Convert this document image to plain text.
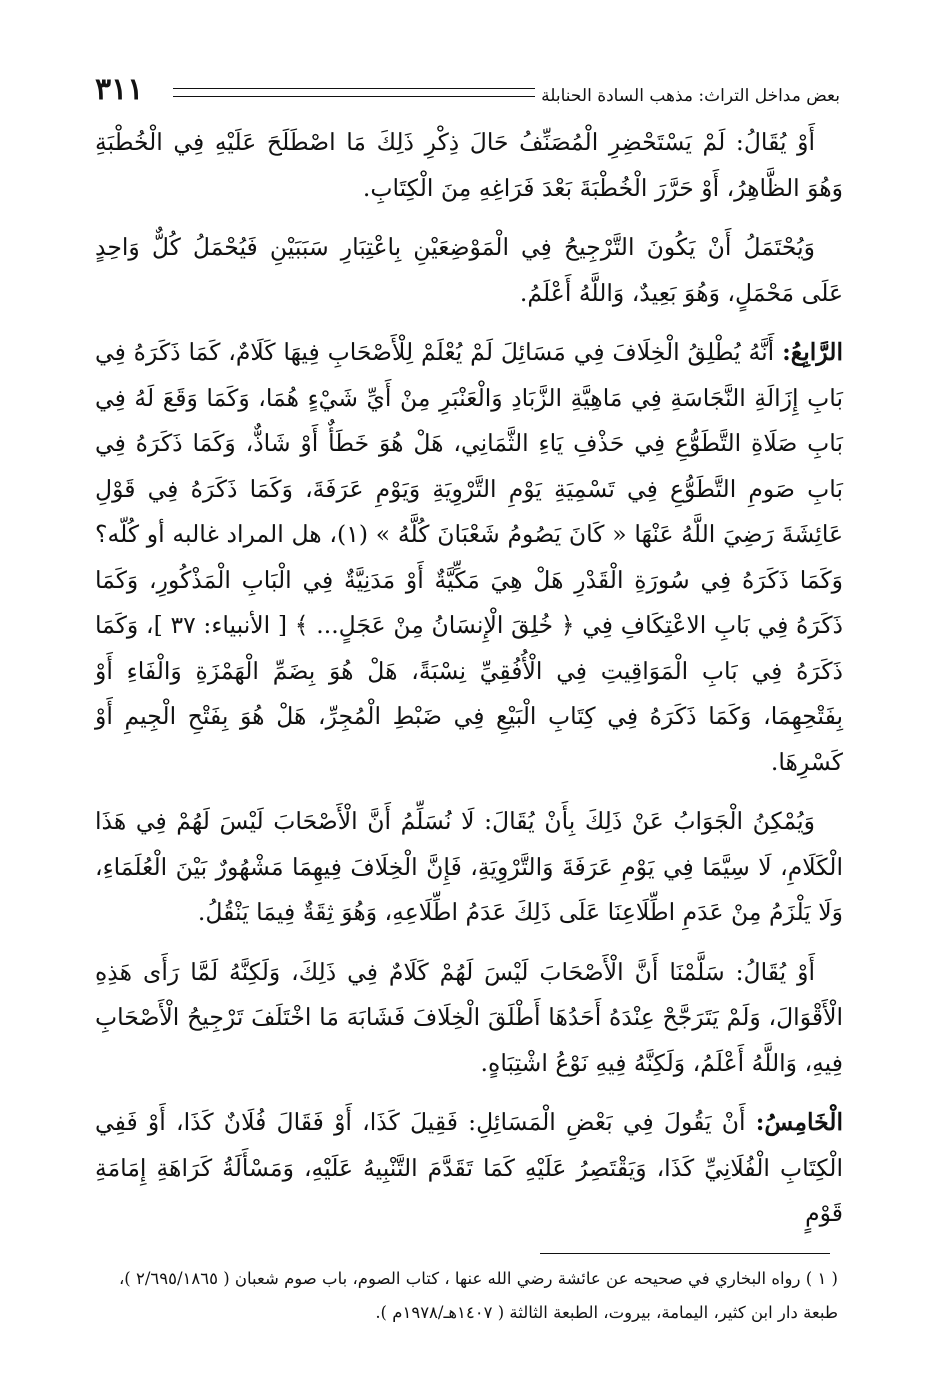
بعض مداخل التراث: مذهب السادة الحنابلة
٣١١

أَوْ يُقَالُ: لَمْ يَسْتَحْضِرِ الْمُصَنِّفُ حَالَ ذِكْرِ ذَلِكَ مَا اصْطَلَحَ عَلَيْهِ فِي الْخُطْبَةِ وَهُوَ الظَّاهِرُ، أَوْ حَرَّرَ الْخُطْبَةَ بَعْدَ فَرَاغِهِ مِنَ الْكِتَابِ.

وَيُحْتَمَلُ أَنْ يَكُونَ التَّرْجِيحُ فِي الْمَوْضِعَيْنِ بِاعْتِبَارِ سَبَبَيْنِ فَيُحْمَلُ كُلٌّ وَاحِدٍ عَلَى مَحْمَلٍ، وَهُوَ بَعِيدٌ، وَاللَّهُ أَعْلَمُ.

الرَّابِعُ: أَنَّهُ يُطْلِقُ الْخِلَافَ فِي مَسَائِلَ لَمْ يُعْلَمْ لِلْأَصْحَابِ فِيهَا كَلَامٌ، كَمَا ذَكَرَهُ فِي بَابِ إِزَالَةِ النَّجَاسَةِ فِي مَاهِيَّةِ الزَّبَادِ وَالْعَنْبَرِ مِنْ أَيِّ شَيْءٍ هُمَا، وَكَمَا وَقَعَ لَهُ فِي بَابِ صَلَاةِ التَّطَوُّعِ فِي حَذْفِ يَاءِ الثَّمَانِي، هَلْ هُوَ خَطَأٌ أَوْ شَاذٌّ، وَكَمَا ذَكَرَهُ فِي بَابِ صَومِ التَّطَوُّعِ فِي تَسْمِيَةِ يَوْمِ التَّرْوِيَةِ وَيَوْمِ عَرَفَةَ، وَكَمَا ذَكَرَهُ فِي قَوْلِ عَائِشَةَ رَضِيَ اللَّهُ عَنْهَا « كَانَ يَصُومُ شَعْبَانَ كُلَّهُ » (١)، هل المراد غالبه أو كُلّه؟ وَكَمَا ذَكَرَهُ فِي سُورَةِ الْقَدْرِ هَلْ هِيَ مَكِّيَّةٌ أَوْ مَدَنِيَّةٌ فِي الْبَابِ الْمَذْكُورِ، وَكَمَا ذَكَرَهُ فِي بَابِ الاعْتِكَافِ فِي ﴿ خُلِقَ الْإِنسَانُ مِنْ عَجَلٍ... ﴾ [ الأنبياء: ٣٧ ]، وَكَمَا ذَكَرَهُ فِي بَابِ الْمَوَاقِيتِ فِي الْأُفُقِيِّ نِسْبَةً، هَلْ هُوَ بِضَمِّ الْهَمْزَةِ وَالْفَاءِ أَوْ بِفَتْحِهِمَا، وَكَمَا ذَكَرَهُ فِي كِتَابِ الْبَيْعِ فِي ضَبْطِ الْمُجِرِّ، هَلْ هُوَ بِفَتْحِ الْجِيمِ أَوْ كَسْرِهَا.

وَيُمْكِنُ الْجَوَابُ عَنْ ذَلِكَ بِأَنْ يُقَالَ: لَا نُسَلِّمُ أَنَّ الْأَصْحَابَ لَيْسَ لَهُمْ فِي هَذَا الْكَلَامِ، لَا سِيَّمَا فِي يَوْمِ عَرَفَةَ وَالتَّرْوِيَةِ، فَإِنَّ الْخِلَافَ فِيهِمَا مَشْهُورٌ بَيْنَ الْعُلَمَاءِ، وَلَا يَلْزَمُ مِنْ عَدَمِ اطِّلَاعِنَا عَلَى ذَلِكَ عَدَمُ اطِّلَاعِهِ، وَهُوَ ثِقَةٌ فِيمَا يَنْقُلُ.

أَوْ يُقَالُ: سَلَّمْنَا أَنَّ الْأَصْحَابَ لَيْسَ لَهُمْ كَلَامٌ فِي ذَلِكَ، وَلَكِنَّهُ لَمَّا رَأَى هَذِهِ الْأَقْوَالَ، وَلَمْ يَتَرَجَّحْ عِنْدَهُ أَحَدُهَا أَطْلَقَ الْخِلَافَ فَشَابَهَ مَا اخْتَلَفَ تَرْجِيحُ الْأَصْحَابِ فِيهِ، وَاللَّهُ أَعْلَمُ، وَلَكِنَّهُ فِيهِ نَوْعُ اشْتِبَاهٍ.

الْخَامِسُ: أَنْ يَقُولَ فِي بَعْضِ الْمَسَائِلِ: فَقِيلَ كَذَا، أَوْ فَقَالَ فُلَانٌ كَذَا، أَوْ فَفِي الْكِتَابِ الْفُلَانِيِّ كَذَا، وَيَقْتَصِرُ عَلَيْهِ كَمَا تَقَدَّمَ التَّنْبِيهُ عَلَيْهِ، وَمَسْأَلَةُ كَرَاهَةِ إِمَامَةِ قَوْمٍ

( ١ ) رواه البخاري في صحيحه عن عائشة رضي الله عنها ، كتاب الصوم، باب صوم شعبان ( ٢/٦٩٥/١٨٦٥ )،

طبعة دار ابن كثير، اليمامة، بيروت، الطبعة الثالثة ( ١٤٠٧هـ/١٩٧٨م ).
